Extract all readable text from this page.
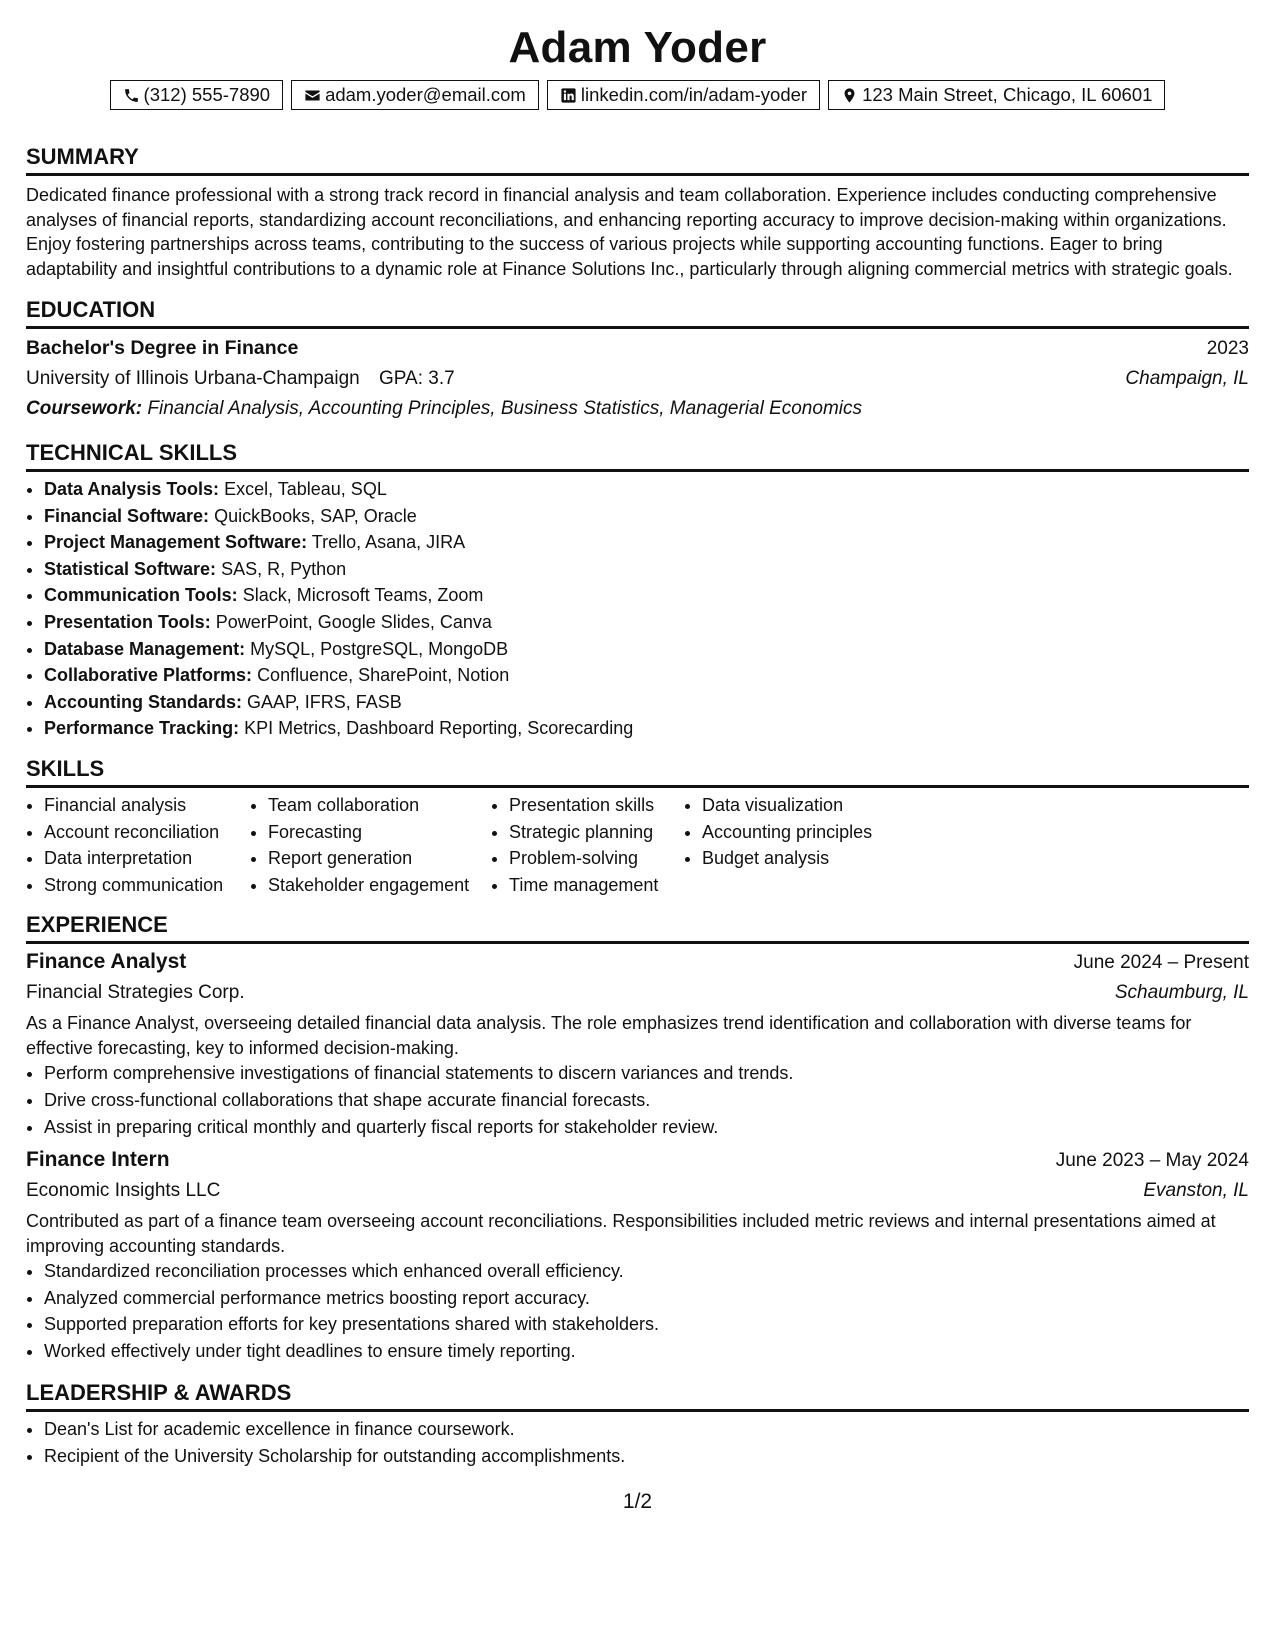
Adam Yoder
(312) 555-7890	adam.yoder@email.com	linkedin.com/in/adam-yoder	123 Main Street, Chicago, IL 60601
SUMMARY
Dedicated finance professional with a strong track record in financial analysis and team collaboration. Experience includes conducting comprehensive analyses of financial reports, standardizing account reconciliations, and enhancing reporting accuracy to improve decision-making within organizations. Enjoy fostering partnerships across teams, contributing to the success of various projects while supporting accounting functions. Eager to bring adaptability and insightful contributions to a dynamic role at Finance Solutions Inc., particularly through aligning commercial metrics with strategic goals.
EDUCATION
Bachelor's Degree in Finance	2023
University of Illinois Urbana-Champaign GPA: 3.7	Champaign, IL
Coursework: Financial Analysis, Accounting Principles, Business Statistics, Managerial Economics
TECHNICAL SKILLS
• Data Analysis Tools: Excel, Tableau, SQL
• Financial Software: QuickBooks, SAP, Oracle
• Project Management Software: Trello, Asana, JIRA
• Statistical Software: SAS, R, Python
• Communication Tools: Slack, Microsoft Teams, Zoom
• Presentation Tools: PowerPoint, Google Slides, Canva
• Database Management: MySQL, PostgreSQL, MongoDB
• Collaborative Platforms: Confluence, SharePoint, Notion
• Accounting Standards: GAAP, IFRS, FASB
• Performance Tracking: KPI Metrics, Dashboard Reporting, Scorecarding
SKILLS
• Financial analysis
• Account reconciliation
• Data interpretation
• Strong communication
• Team collaboration
• Forecasting
• Report generation
• Stakeholder engagement
• Presentation skills
• Strategic planning
• Problem-solving
• Time management
• Data visualization
• Accounting principles
• Budget analysis
EXPERIENCE
Finance Analyst	June 2024 – Present
Financial Strategies Corp.	Schaumburg, IL
As a Finance Analyst, overseeing detailed financial data analysis. The role emphasizes trend identification and collaboration with diverse teams for effective forecasting, key to informed decision-making.
• Perform comprehensive investigations of financial statements to discern variances and trends.
• Drive cross-functional collaborations that shape accurate financial forecasts.
• Assist in preparing critical monthly and quarterly fiscal reports for stakeholder review.
Finance Intern	June 2023 – May 2024
Economic Insights LLC	Evanston, IL
Contributed as part of a finance team overseeing account reconciliations. Responsibilities included metric reviews and internal presentations aimed at improving accounting standards.
• Standardized reconciliation processes which enhanced overall efficiency.
• Analyzed commercial performance metrics boosting report accuracy.
• Supported preparation efforts for key presentations shared with stakeholders.
• Worked effectively under tight deadlines to ensure timely reporting.
LEADERSHIP & AWARDS
• Dean's List for academic excellence in finance coursework.
• Recipient of the University Scholarship for outstanding accomplishments.
1/2
